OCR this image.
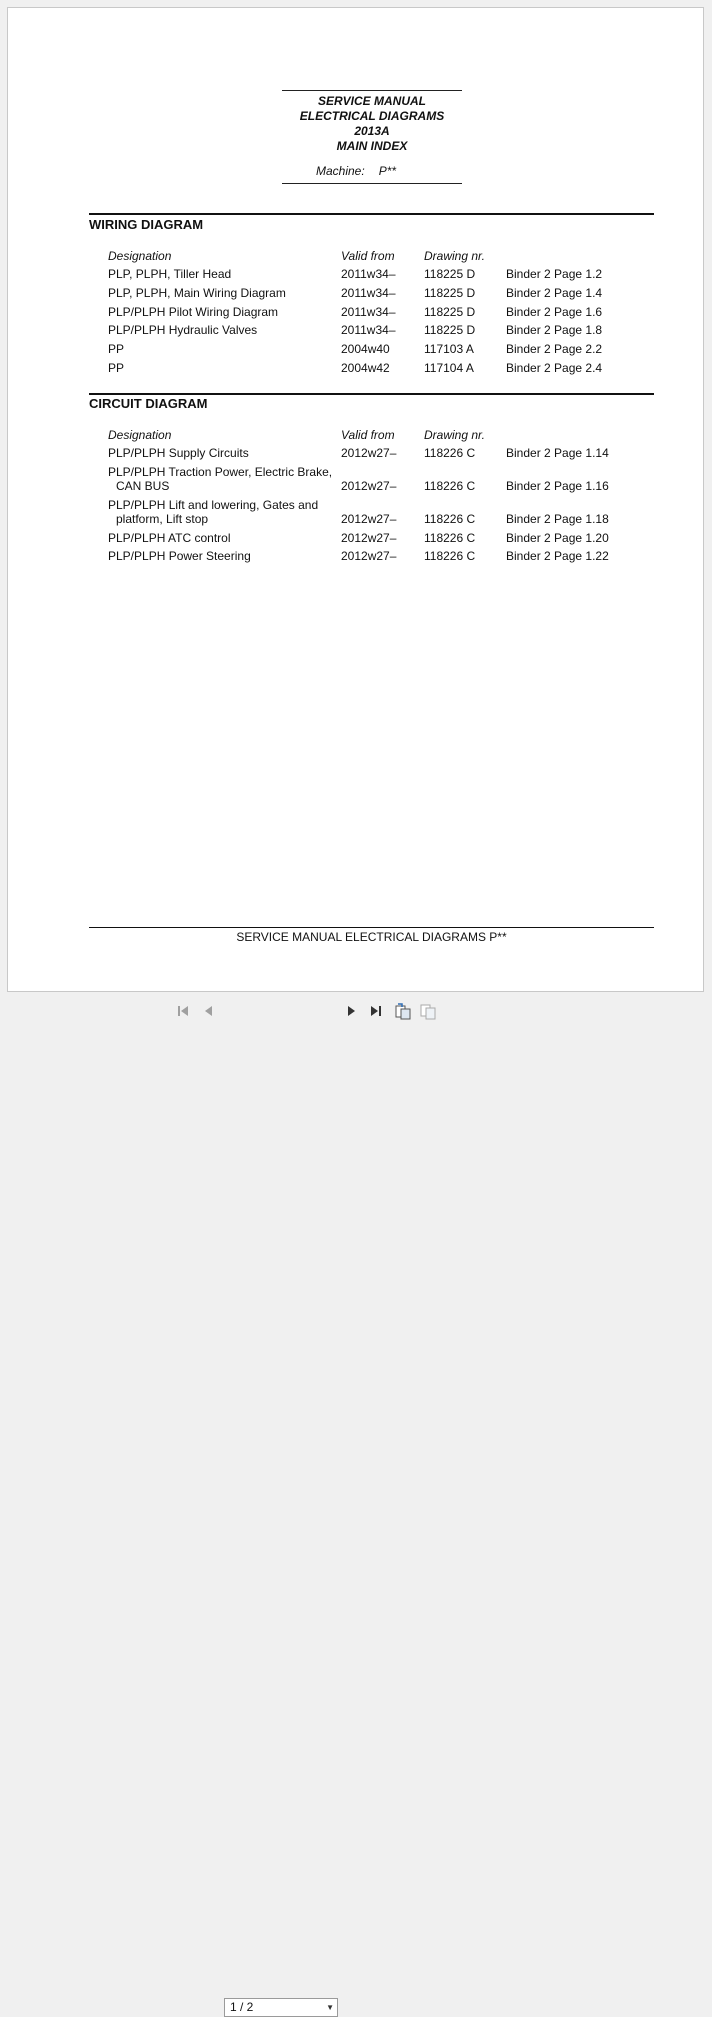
SERVICE MANUAL
ELECTRICAL DIAGRAMS
2013A
MAIN INDEX
Machine: P**
WIRING DIAGRAM
Designation	Valid from Drawing nr.
PLP, PLPH, Tiller Head	2011w34– 118225 D	Binder 2 Page 1.2
PLP, PLPH, Main Wiring Diagram	2011w34– 118225 D	Binder 2 Page 1.4
PLP/PLPH Pilot Wiring Diagram	2011w34– 118225 D	Binder 2 Page 1.6
PLP/PLPH Hydraulic Valves	2011w34– 118225 D	Binder 2 Page 1.8
PP	2004w40	117103 A	Binder 2 Page 2.2
PP	2004w42	117104 A	Binder 2 Page 2.4
CIRCUIT DIAGRAM
Designation	Valid from Drawing nr.
PLP/PLPH Supply Circuits	2012w27– 118226 C	Binder 2 Page 1.14
PLP/PLPH Traction Power, Electric Brake,
CAN BUS	2012w27– 118226 C	Binder 2 Page 1.16
PLP/PLPH Lift and lowering, Gates and
platform, Lift stop	2012w27– 118226 C	Binder 2 Page 1.18
PLP/PLPH ATC control	2012w27– 118226 C	Binder 2 Page 1.20
PLP/PLPH Power Steering	2012w27– 118226 C	Binder 2 Page 1.22
SERVICE MANUAL ELECTRICAL DIAGRAMS P**
1 / 2	▼
